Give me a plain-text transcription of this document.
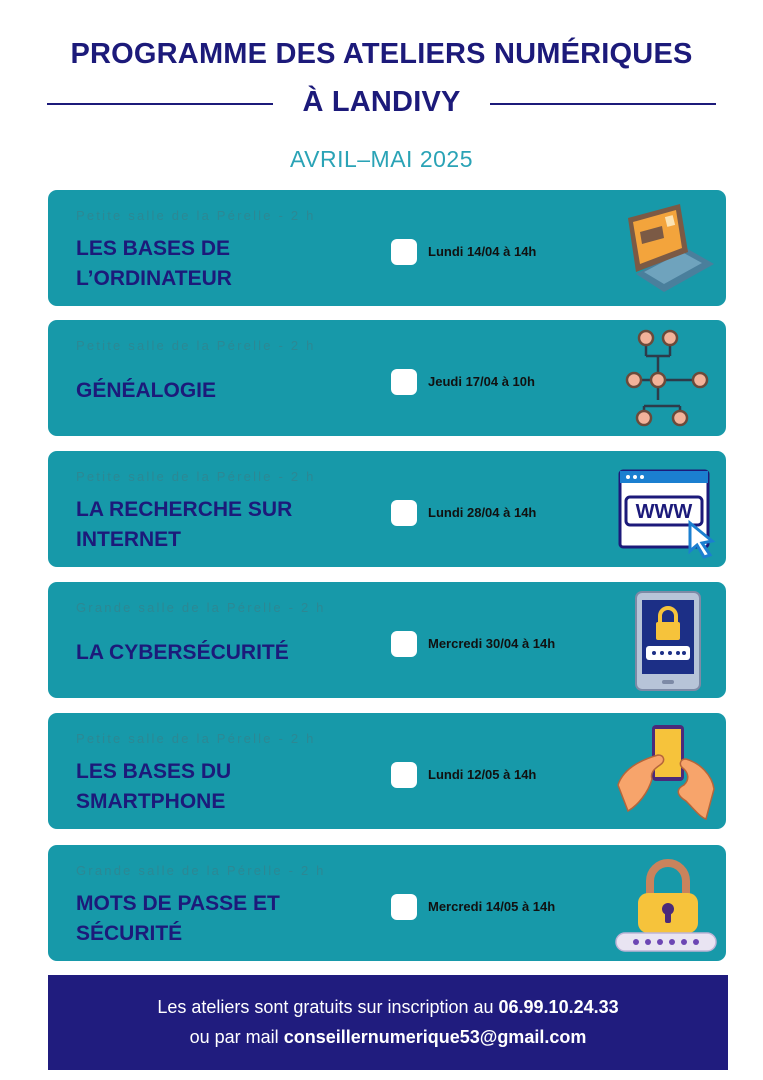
PROGRAMME DES ATELIERS NUMÉRIQUES
À LANDIVY
AVRIL–MAI 2025
Petite salle de la Pérelle - 2 h
LES BASES DE
L’ORDINATEUR
Lundi 14/04 à 14h
Petite salle de la Pérelle - 2 h
GÉNÉALOGIE	Jeudi 17/04 à 10h
Petite salle de la Pérelle - 2 h
LA RECHERCHE SUR
INTERNET
Lundi 28/04 à 14h	WWW
Grande salle de la Pérelle - 2 h
LA CYBERSÉCURITÉ	Mercredi 30/04 à 14h
Petite salle de la Pérelle - 2 h
LES BASES DU
SMARTPHONE
Lundi 12/05 à 14h
Grande salle de la Pérelle - 2 h
MOTS DE PASSE ET
SÉCURITÉ
Mercredi 14/05 à 14h
Les ateliers sont gratuits sur inscription au 06.99.10.24.33
ou par mail conseillernumerique53@gmail.com
